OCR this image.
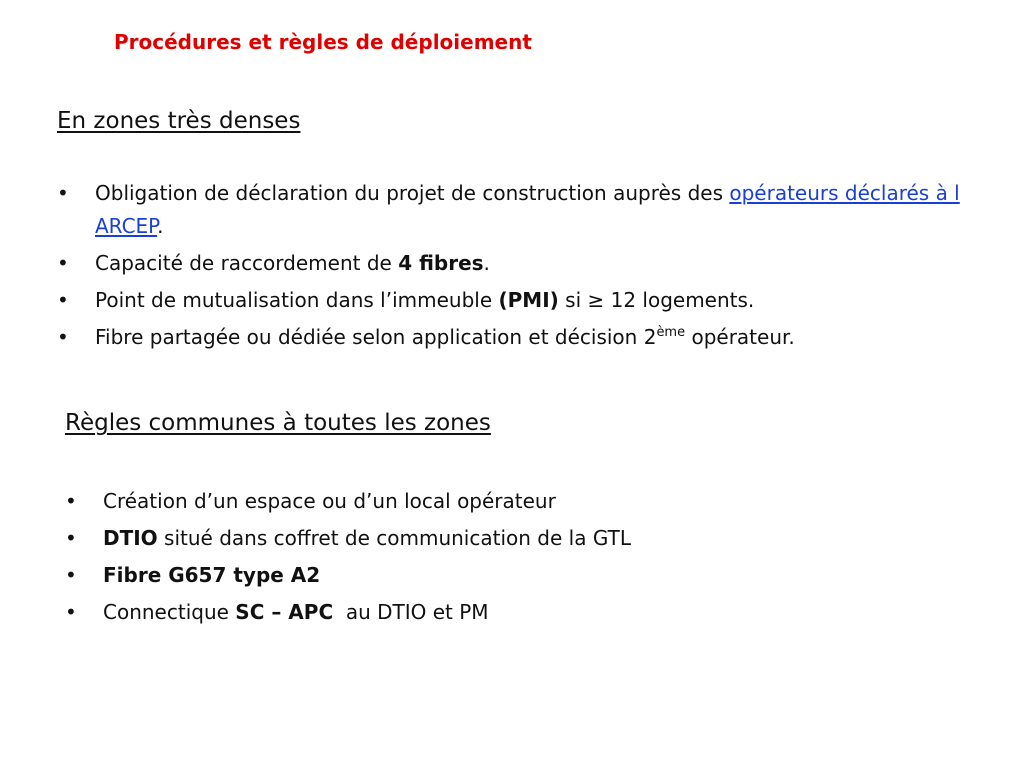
Procédures et règles de déploiement
En zones très denses
•	Obligation de déclaration du projet de construction auprès des opérateurs déclarés à l ARCEP.
•	Capacité de raccordement de 4 fibres.
•	Point de mutualisation dans l’immeuble (PMI) si ≥ 12 logements.
•	Fibre partagée ou dédiée selon application et décision 2ème opérateur.
Règles communes à toutes les zones
•	Création d’un espace ou d’un local opérateur
•	DTIO situé dans coffret de communication de la GTL
•	Fibre G657 type A2
•	Connectique SC – APC  au DTIO et PM
